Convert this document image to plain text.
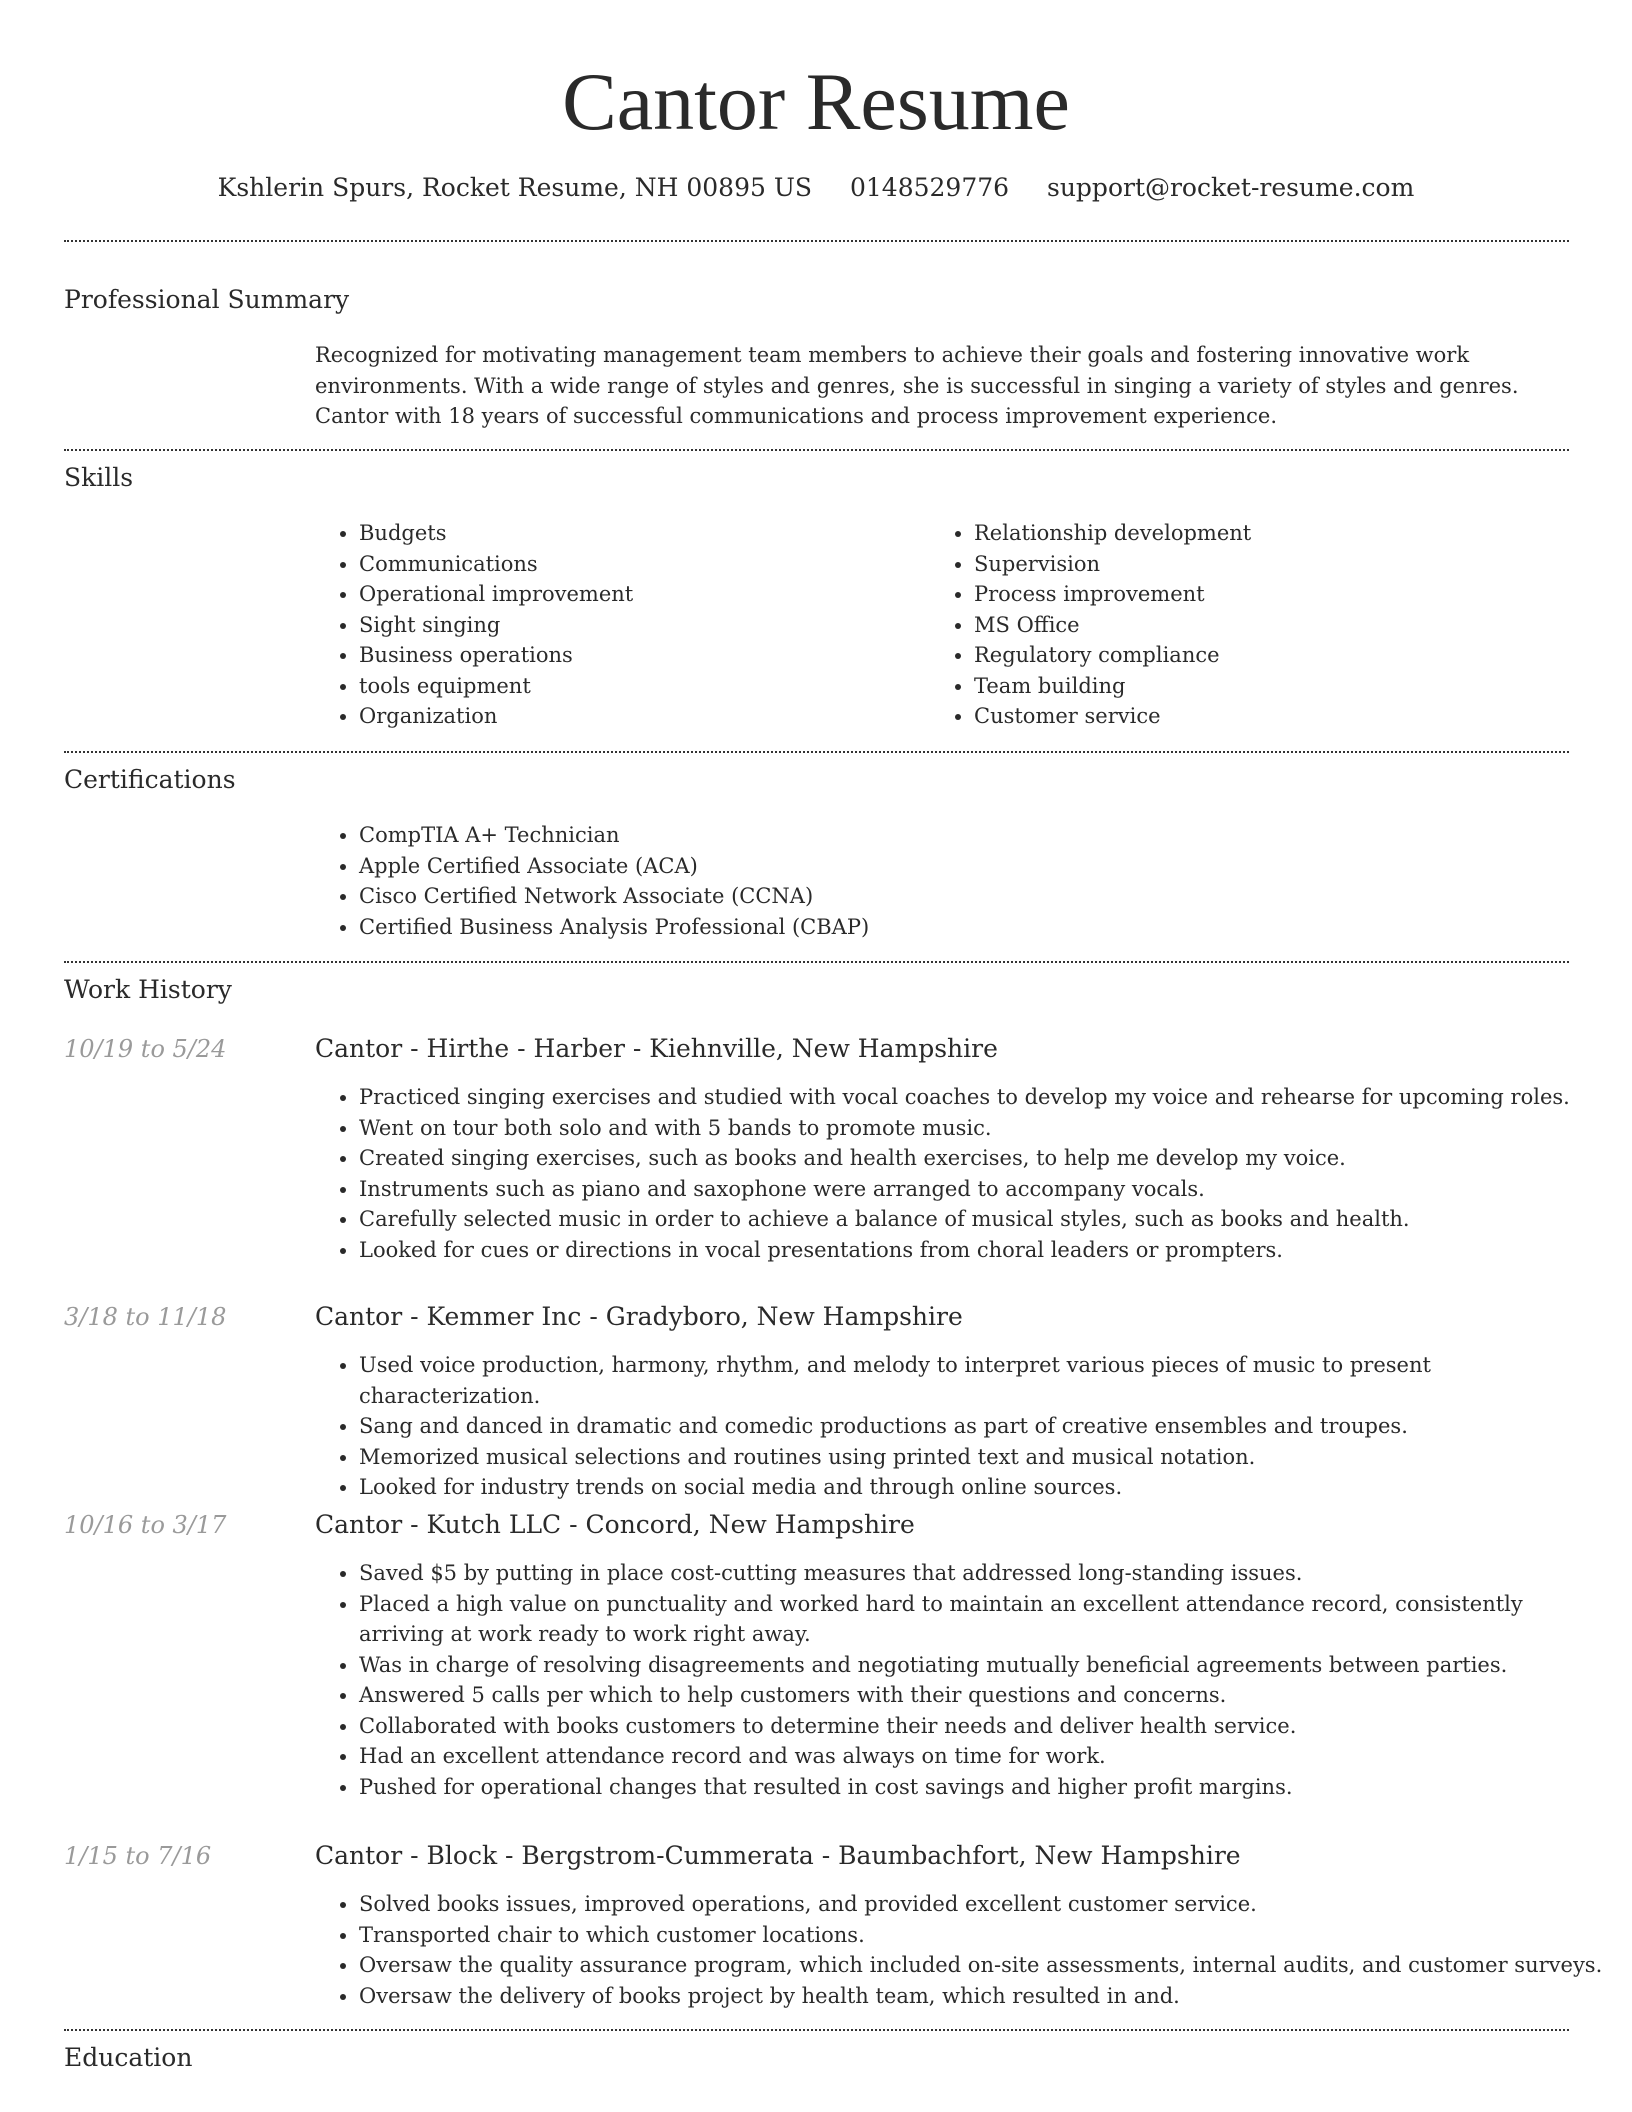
Cantor Resume
Kshlerin Spurs, Rocket Resume, NH 00895 US 0148529776 support@rocket-resume.com
Professional Summary
Recognized for motivating management team members to achieve their goals and fostering innovative work environments. With a wide range of styles and genres, she is successful in singing a variety of styles and genres. Cantor with 18 years of successful communications and process improvement experience.
Skills
• Budgets
• Communications
• Operational improvement
• Sight singing
• Business operations
• tools equipment
• Organization
• Relationship development
• Supervision
• Process improvement
• MS Office
• Regulatory compliance
• Team building
• Customer service
Certifications
• CompTIA A+ Technician
• Apple Certified Associate (ACA)
• Cisco Certified Network Associate (CCNA)
• Certified Business Analysis Professional (CBAP)
Work History
10/19 to 5/24	Cantor - Hirthe - Harber - Kiehnville, New Hampshire
• Practiced singing exercises and studied with vocal coaches to develop my voice and rehearse for upcoming roles.
• Went on tour both solo and with 5 bands to promote music.
• Created singing exercises, such as books and health exercises, to help me develop my voice.
• Instruments such as piano and saxophone were arranged to accompany vocals.
• Carefully selected music in order to achieve a balance of musical styles, such as books and health.
• Looked for cues or directions in vocal presentations from choral leaders or prompters.
3/18 to 11/18	Cantor - Kemmer Inc - Gradyboro, New Hampshire
• Used voice production, harmony, rhythm, and melody to interpret various pieces of music to present characterization.
• Sang and danced in dramatic and comedic productions as part of creative ensembles and troupes.
• Memorized musical selections and routines using printed text and musical notation.
• Looked for industry trends on social media and through online sources.
10/16 to 3/17	Cantor - Kutch LLC - Concord, New Hampshire
• Saved $5 by putting in place cost-cutting measures that addressed long-standing issues.
• Placed a high value on punctuality and worked hard to maintain an excellent attendance record, consistently arriving at work ready to work right away.
• Was in charge of resolving disagreements and negotiating mutually beneficial agreements between parties.
• Answered 5 calls per which to help customers with their questions and concerns.
• Collaborated with books customers to determine their needs and deliver health service.
• Had an excellent attendance record and was always on time for work.
• Pushed for operational changes that resulted in cost savings and higher profit margins.
1/15 to 7/16	Cantor - Block - Bergstrom-Cummerata - Baumbachfort, New Hampshire
• Solved books issues, improved operations, and provided excellent customer service.
• Transported chair to which customer locations.
• Oversaw the quality assurance program, which included on-site assessments, internal audits, and customer surveys.
• Oversaw the delivery of books project by health team, which resulted in and.
Education
